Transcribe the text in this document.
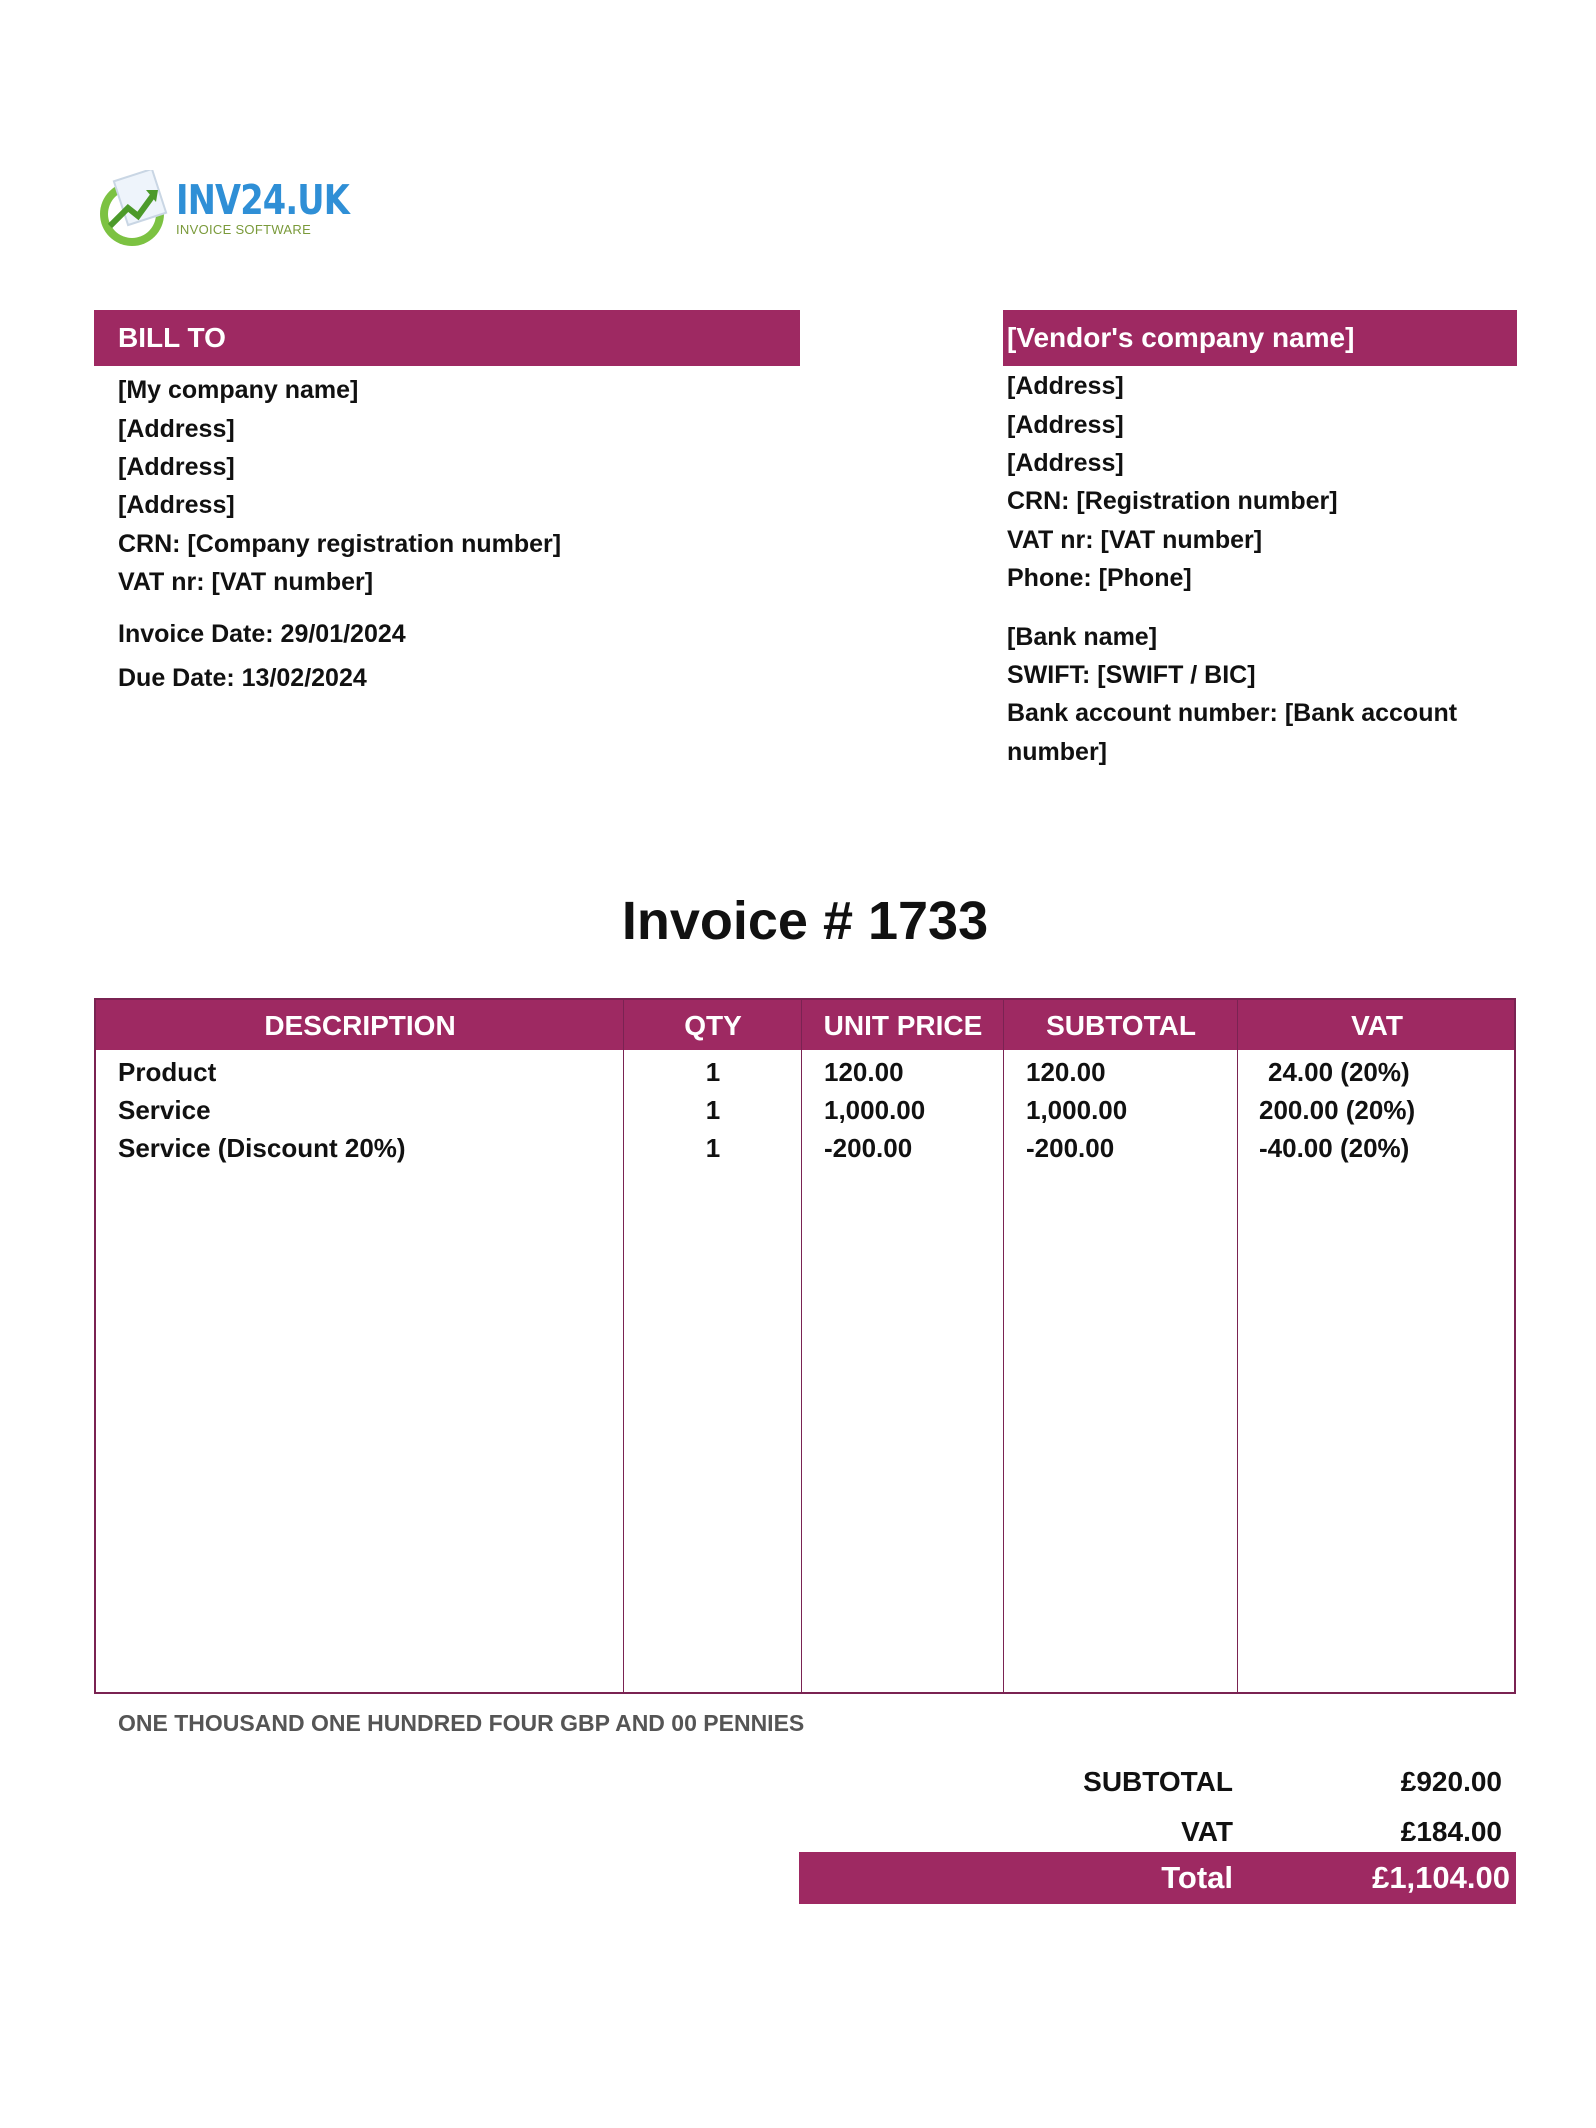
INV24.UK
INVOICE SOFTWARE
BILL TO
[My company name]
[Address]
[Address]
[Address]
CRN: [Company registration number]
VAT nr: [VAT number]
Invoice Date: 29/01/2024
Due Date: 13/02/2024
[Vendor's company name]
[Address]
[Address]
[Address]
CRN: [Registration number]
VAT nr: [VAT number]
Phone: [Phone]
[Bank name]
SWIFT: [SWIFT / BIC]
Bank account number: [Bank account
number]
Invoice # 1733
DESCRIPTION	QTY	UNIT PRICE	SUBTOTAL	VAT
Product	1	120.00	120.00	24.00 (20%)
Service	1	1,000.00	1,000.00	200.00 (20%)
Service (Discount 20%)	1	-200.00	-200.00	-40.00 (20%)
ONE THOUSAND ONE HUNDRED FOUR GBP AND 00 PENNIES
SUBTOTAL	£920.00
VAT	£184.00
Total	£1,104.00
